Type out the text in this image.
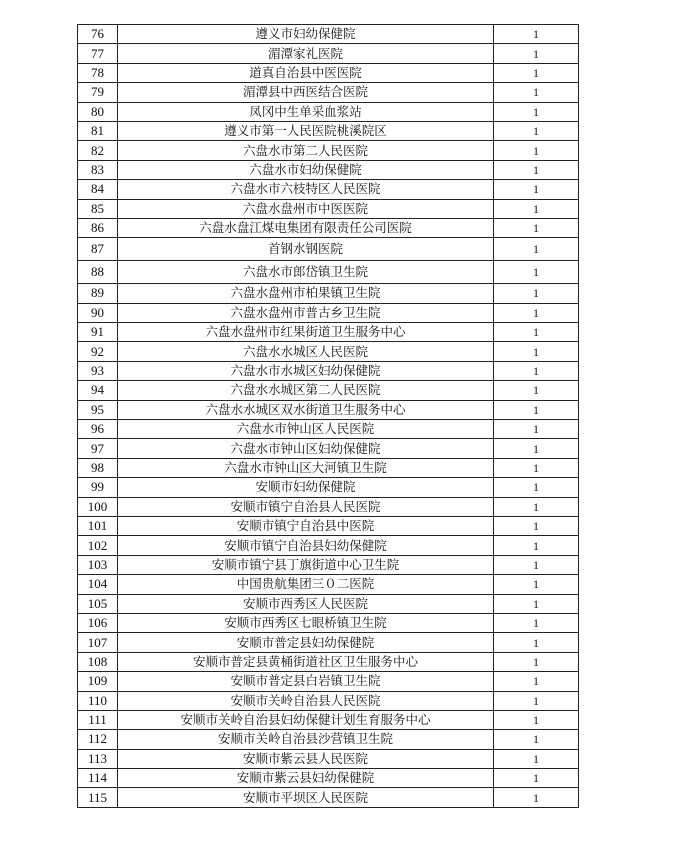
76	遵义市妇幼保健院	1
77	湄潭家礼医院	1
78	道真自治县中医医院	1
79	湄潭县中西医结合医院	1
80	凤冈中生单采血浆站	1
81	遵义市第一人民医院桃溪院区	1
82	六盘水市第二人民医院	1
83	六盘水市妇幼保健院	1
84	六盘水市六枝特区人民医院	1
85	六盘水盘州市中医医院	1
86	六盘水盘江煤电集团有限责任公司医院	1
87	首钢水钢医院	1
88	六盘水市郎岱镇卫生院	1
89	六盘水盘州市柏果镇卫生院	1
90	六盘水盘州市普古乡卫生院	1
91	六盘水盘州市红果街道卫生服务中心	1
92	六盘水水城区人民医院	1
93	六盘水市水城区妇幼保健院	1
94	六盘水水城区第二人民医院	1
95	六盘水水城区双水街道卫生服务中心	1
96	六盘水市钟山区人民医院	1
97	六盘水市钟山区妇幼保健院	1
98	六盘水市钟山区大河镇卫生院	1
99	安顺市妇幼保健院	1
100	安顺市镇宁自治县人民医院	1
101	安顺市镇宁自治县中医院	1
102	安顺市镇宁自治县妇幼保健院	1
103	安顺市镇宁县丁旗街道中心卫生院	1
104	中国贵航集团三０二医院	1
105	安顺市西秀区人民医院	1
106	安顺市西秀区七眼桥镇卫生院	1
107	安顺市普定县妇幼保健院	1
108	安顺市普定县黄桶街道社区卫生服务中心	1
109	安顺市普定县白岩镇卫生院	1
110	安顺市关岭自治县人民医院	1
111	安顺市关岭自治县妇幼保健计划生育服务中心	1
112	安顺市关岭自治县沙营镇卫生院	1
113	安顺市紫云县人民医院	1
114	安顺市紫云县妇幼保健院	1
115	安顺市平坝区人民医院	1
